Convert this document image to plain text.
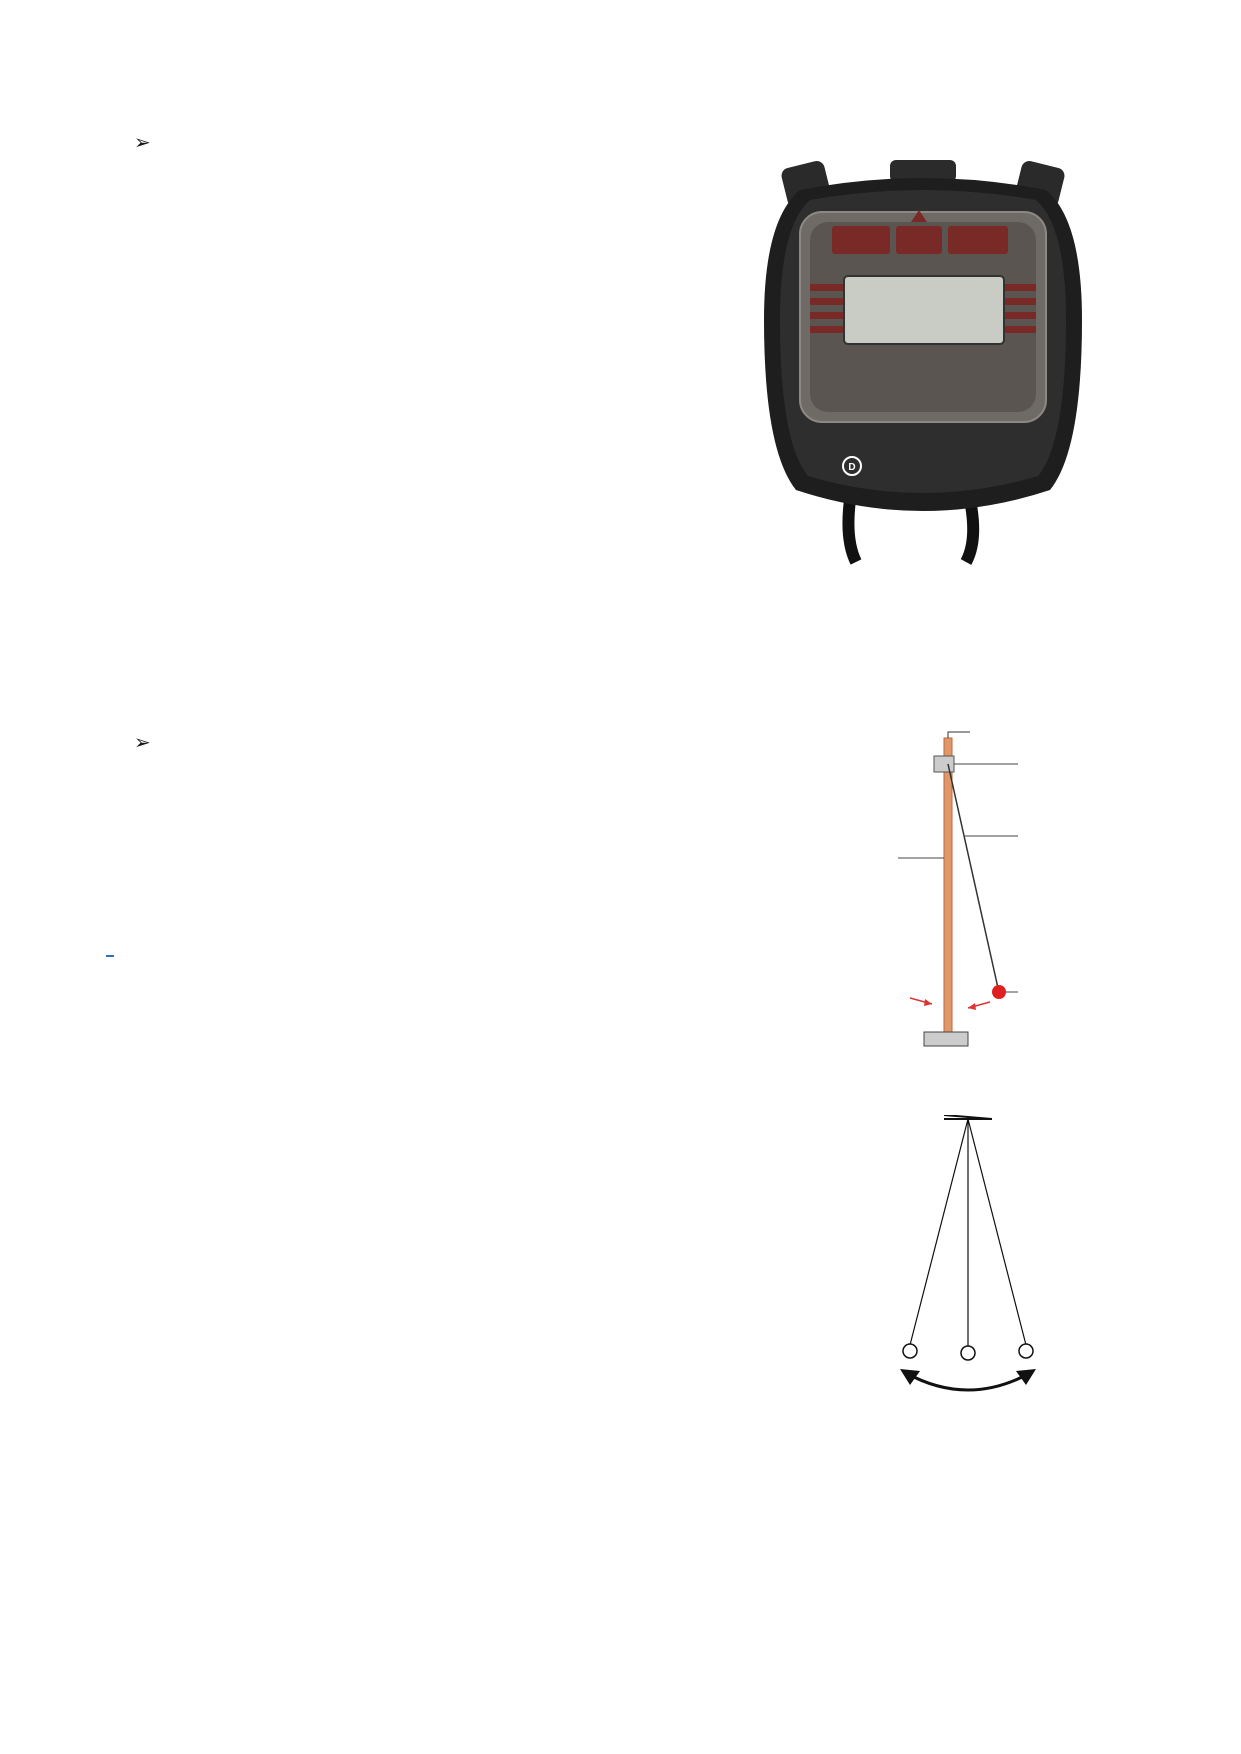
➢
D
➢
